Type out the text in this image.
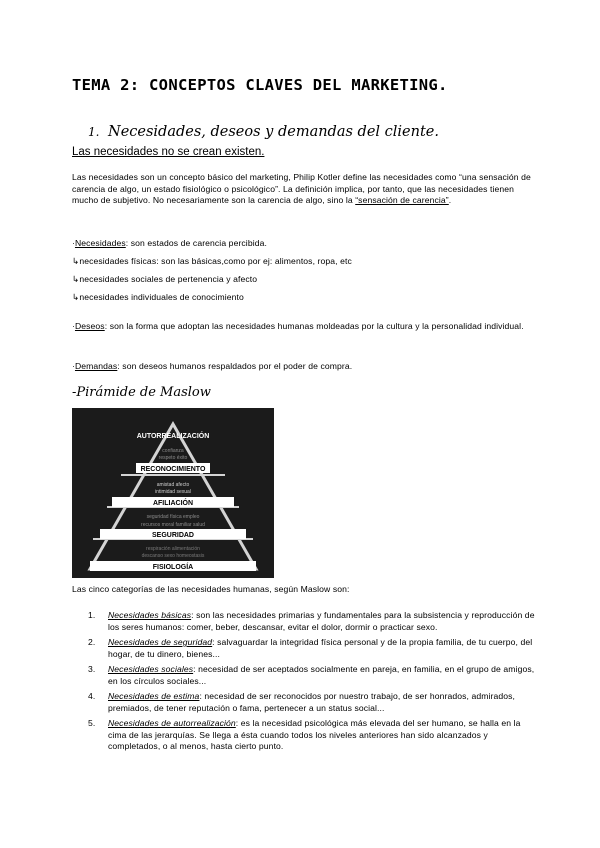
TEMA 2: CONCEPTOS CLAVES DEL MARKETING.
1. Necesidades, deseos y demandas del cliente.
Las necesidades no se crean existen.
Las necesidades son un concepto básico del marketing, Philip Kotler define las necesidades como “una sensación de carencia de algo, un estado fisiológico o psicológico”. La definición implica, por tanto, que las necesidades tienen mucho de subjetivo. No necesariamente son la carencia de algo, sino la “sensación de carencia”.
·Necesidades: son estados de carencia percibida.
↳necesidades físicas: son las básicas,como por ej: alimentos, ropa, etc
↳necesidades sociales de pertenencia y afecto
↳necesidades individuales de conocimiento
·Deseos: son la forma que adoptan las necesidades humanas moldeadas por la cultura y la personalidad individual.
·Demandas: son deseos humanos respaldados por el poder de compra.
-Pirámide de Maslow
AUTORREALIZACIÓN
confianza
respeto éxito
RECONOCIMIENTO
amistad afecto
intimidad sexual
AFILIACIÓN
seguridad física empleo
recursos moral familiar salud
SEGURIDAD
respiración alimentación
descanso sexo homeostasis
FISIOLOGÍA
Las cinco categorías de las necesidades humanas, según Maslow son:
1. Necesidades básicas: son las necesidades primarias y fundamentales para la subsistencia y reproducción de los seres humanos: comer, beber, descansar, evitar el dolor, dormir o practicar sexo.
2. Necesidades de seguridad: salvaguardar la integridad física personal y de la propia familia, de tu cuerpo, del hogar, de tu dinero, bienes...
3. Necesidades sociales: necesidad de ser aceptados socialmente en pareja, en familia, en el grupo de amigos, en los círculos sociales...
4. Necesidades de estima: necesidad de ser reconocidos por nuestro trabajo, de ser honrados, admirados, premiados, de tener reputación o fama, pertenecer a un status social...
5. Necesidades de autorrealización: es la necesidad psicológica más elevada del ser humano, se halla en la cima de las jerarquías. Se llega a ésta cuando todos los niveles anteriores han sido alcanzados y completados, o al menos, hasta cierto punto.
